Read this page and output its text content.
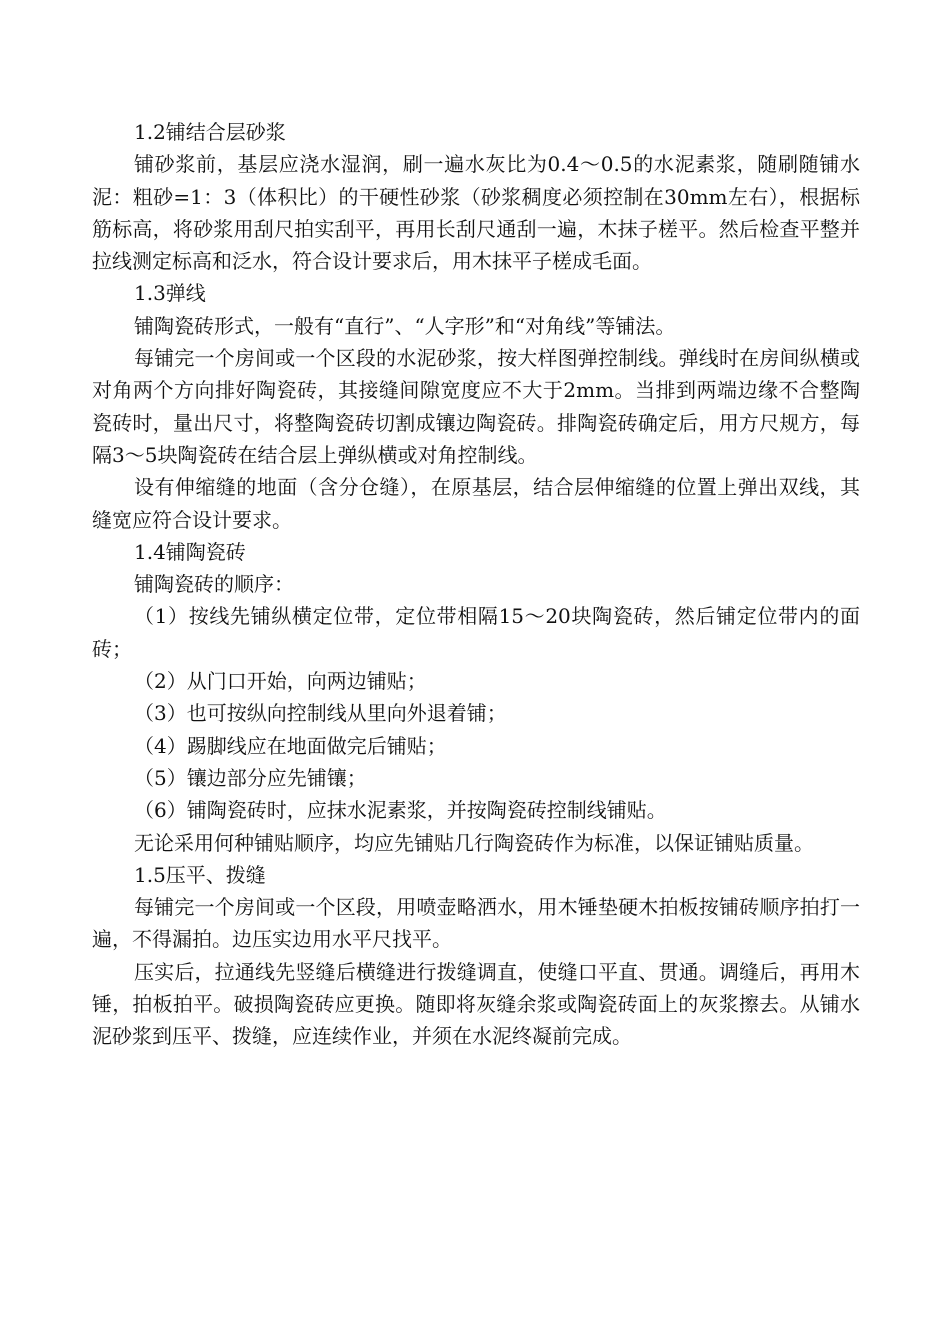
1.2铺结合层砂浆
铺砂浆前，基层应浇水湿润，刷一遍水灰比为0.4～0.5的水泥素浆，随刷随铺水泥：粗砂=1：3（体积比）的干硬性砂浆（砂浆稠度必须控制在30mm左右），根据标筋标高，将砂浆用刮尺拍实刮平，再用长刮尺通刮一遍，木抹子槎平。然后检查平整并拉线测定标高和泛水，符合设计要求后，用木抹平子槎成毛面。
1.3弹线
铺陶瓷砖形式，一般有“直行”、“人字形”和“对角线”等铺法。
每铺完一个房间或一个区段的水泥砂浆，按大样图弹控制线。弹线时在房间纵横或对角两个方向排好陶瓷砖，其接缝间隙宽度应不大于2mm。当排到两端边缘不合整陶瓷砖时，量出尺寸，将整陶瓷砖切割成镶边陶瓷砖。排陶瓷砖确定后，用方尺规方，每隔3～5块陶瓷砖在结合层上弹纵横或对角控制线。
设有伸缩缝的地面（含分仓缝），在原基层，结合层伸缩缝的位置上弹出双线，其缝宽应符合设计要求。
1.4铺陶瓷砖
铺陶瓷砖的顺序：
（1）按线先铺纵横定位带，定位带相隔15～20块陶瓷砖，然后铺定位带内的面砖；
（2）从门口开始，向两边铺贴；
（3）也可按纵向控制线从里向外退着铺；
（4）踢脚线应在地面做完后铺贴；
（5）镶边部分应先铺镶；
（6）铺陶瓷砖时，应抹水泥素浆，并按陶瓷砖控制线铺贴。
无论采用何种铺贴顺序，均应先铺贴几行陶瓷砖作为标准，以保证铺贴质量。
1.5压平、拨缝
每铺完一个房间或一个区段，用喷壶略洒水，用木锤垫硬木拍板按铺砖顺序拍打一遍，不得漏拍。边压实边用水平尺找平。
压实后，拉通线先竖缝后横缝进行拨缝调直，使缝口平直、贯通。调缝后，再用木锤，拍板拍平。破损陶瓷砖应更换。随即将灰缝余浆或陶瓷砖面上的灰浆擦去。从铺水泥砂浆到压平、拨缝，应连续作业，并须在水泥终凝前完成。
